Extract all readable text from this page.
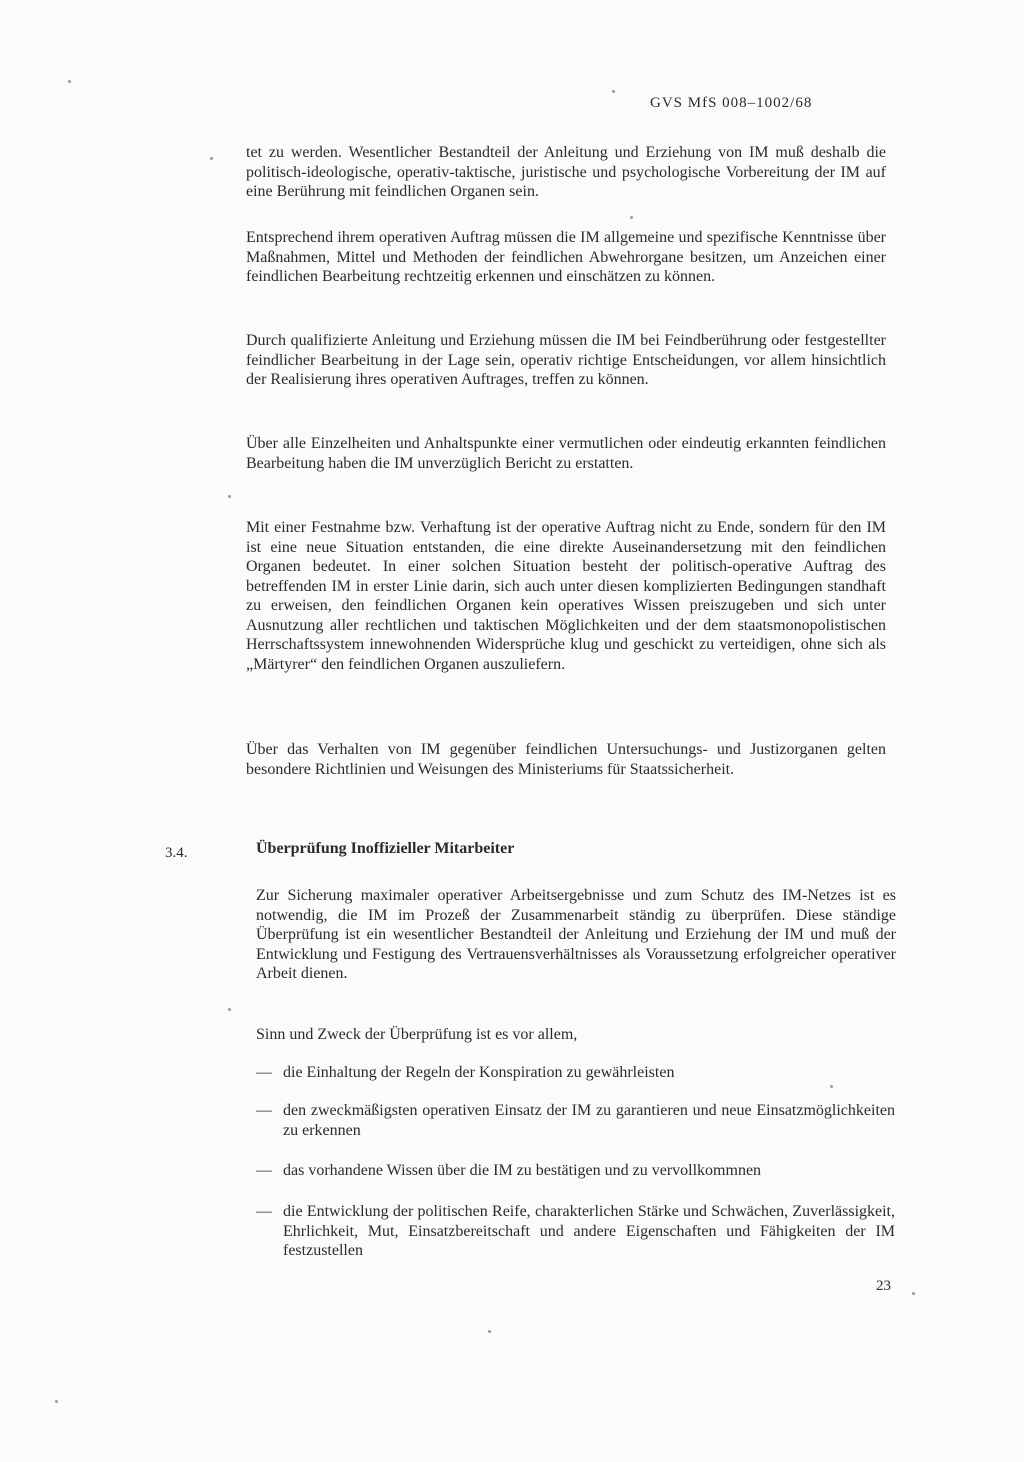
GVS MfS 008–1002/68
tet zu werden. Wesentlicher Bestandteil der Anleitung und Erziehung von IM muß deshalb die politisch-ideologische, operativ-taktische, juristische und psychologische Vorbereitung der IM auf eine Berührung mit feindlichen Organen sein.
Entsprechend ihrem operativen Auftrag müssen die IM allgemeine und spezifische Kenntnisse über Maßnahmen, Mittel und Methoden der feindlichen Abwehrorgane besitzen, um Anzeichen einer feindlichen Bearbeitung rechtzeitig erkennen und einschätzen zu können.
Durch qualifizierte Anleitung und Erziehung müssen die IM bei Feindberührung oder festgestellter feindlicher Bearbeitung in der Lage sein, operativ richtige Entscheidungen, vor allem hinsichtlich der Realisierung ihres operativen Auftrages, treffen zu können.
Über alle Einzelheiten und Anhaltspunkte einer vermutlichen oder eindeutig erkannten feindlichen Bearbeitung haben die IM unverzüglich Bericht zu erstatten.
Mit einer Festnahme bzw. Verhaftung ist der operative Auftrag nicht zu Ende, sondern für den IM ist eine neue Situation entstanden, die eine direkte Auseinandersetzung mit den feindlichen Organen bedeutet. In einer solchen Situation besteht der politisch-operative Auftrag des betreffenden IM in erster Linie darin, sich auch unter diesen komplizierten Bedingungen standhaft zu erweisen, den feindlichen Organen kein operatives Wissen preiszugeben und sich unter Ausnutzung aller rechtlichen und taktischen Möglichkeiten und der dem staatsmonopolistischen Herrschaftssystem innewohnenden Widersprüche klug und geschickt zu verteidigen, ohne sich als „Märtyrer“ den feindlichen Organen auszuliefern.
Über das Verhalten von IM gegenüber feindlichen Untersuchungs- und Justizorganen gelten besondere Richtlinien und Weisungen des Ministeriums für Staatssicherheit.
3.4.	Überprüfung Inoffizieller Mitarbeiter
Zur Sicherung maximaler operativer Arbeitsergebnisse und zum Schutz des IM-Netzes ist es notwendig, die IM im Prozeß der Zusammenarbeit ständig zu überprüfen. Diese ständige Überprüfung ist ein wesentlicher Bestandteil der Anleitung und Erziehung der IM und muß der Entwicklung und Festigung des Vertrauensverhältnisses als Voraussetzung erfolgreicher operativer Arbeit dienen.
Sinn und Zweck der Überprüfung ist es vor allem,
— die Einhaltung der Regeln der Konspiration zu gewährleisten
— den zweckmäßigsten operativen Einsatz der IM zu garantieren und neue Einsatzmöglichkeiten zu erkennen
— das vorhandene Wissen über die IM zu bestätigen und zu vervollkommnen
— die Entwicklung der politischen Reife, charakterlichen Stärke und Schwächen, Zuverlässigkeit, Ehrlichkeit, Mut, Einsatzbereitschaft und andere Eigenschaften und Fähigkeiten der IM festzustellen
23
